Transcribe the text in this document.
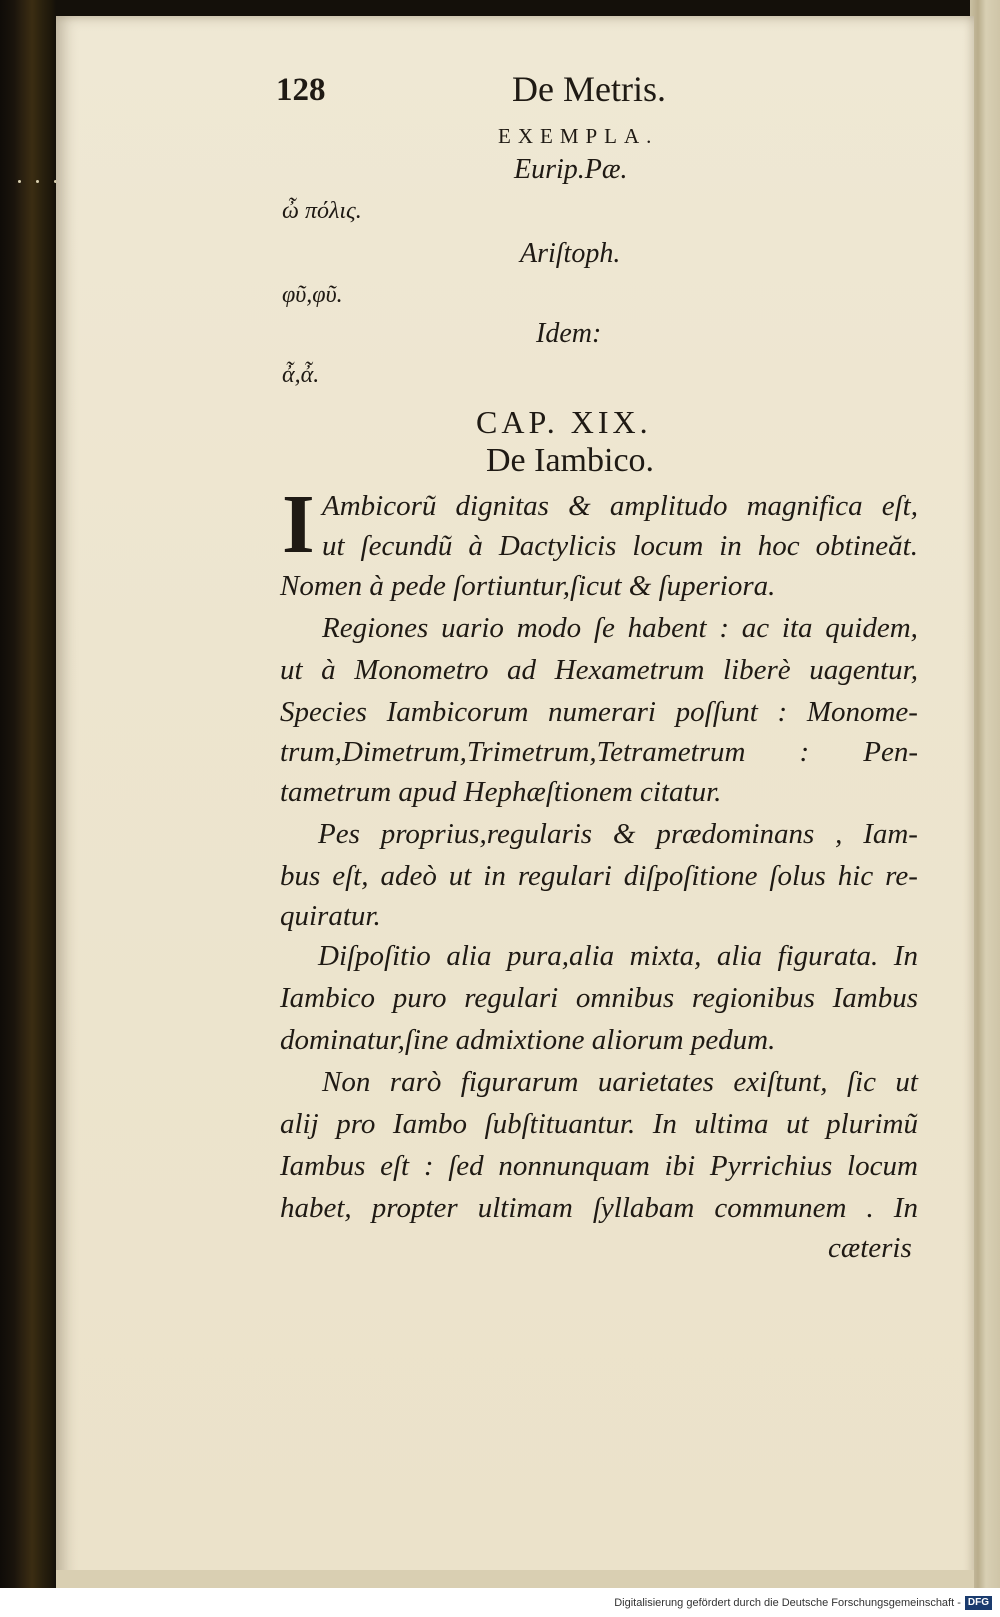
128	De Metris.
EXEMPLA.
Eurip.Pæ.
ὦ πόλις.
Ariſtoph.
φῦ,φῦ.
Idem:
ἆ,ἆ.
CAP. XIX.
De Iambico.
I Ambicorũ dignitas & amplitudo magnifica eſt,
ut ſecundũ à Dactylicis locum in hoc obtineăt.
Nomen à pede ſortiuntur,ſicut & ſuperiora.
Regiones uario modo ſe habent : ac ita quidem,
ut à Monometro ad Hexametrum liberè uagentur,
Species Iambicorum numerari poſſunt : Monome-
trum,Dimetrum,Trimetrum,Tetrametrum : Pen-
tametrum apud Hephæſtionem citatur.
Pes proprius,regularis & prædominans , Iam-
bus eſt, adeò ut in regulari diſpoſitione ſolus hic re-
quiratur.
Diſpoſitio alia pura,alia mixta, alia figurata. In
Iambico puro regulari omnibus regionibus Iambus
dominatur,ſine admixtione aliorum pedum.
Non rarò figurarum uarietates exiſtunt, ſic ut
alij pro Iambo ſubſtituantur. In ultima ut plurimũ
Iambus eſt : ſed nonnunquam ibi Pyrrichius locum
habet, propter ultimam ſyllabam communem . In
cæteris
Digitalisierung gefördert durch die Deutsche Forschungsgemeinschaft - DFG
